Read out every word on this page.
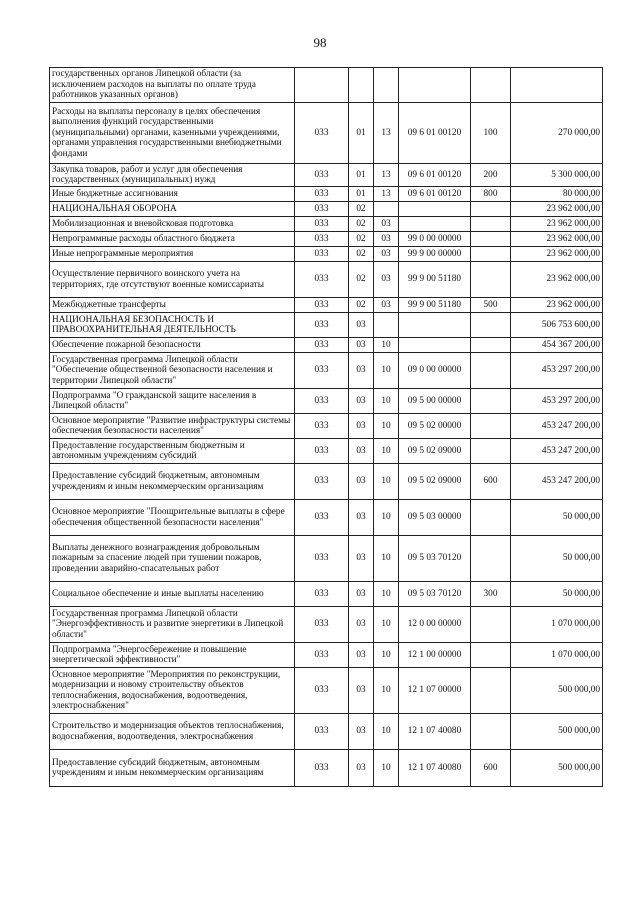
98
государственных органов Липецкой области (за исключением расходов на выплаты по оплате труда работников указанных органов)						
Расходы на выплаты персоналу в целях обеспечения выполнения функций государственными (муниципальными) органами, казенными учреждениями, органами управления государственными внебюджетными фондами	033	01	13	09 6 01 00120	100	270 000,00
Закупка товаров, работ и услуг для обеспечения государственных (муниципальных) нужд	033	01	13	09 6 01 00120	200	5 300 000,00
Иные бюджетные ассигнования	033	01	13	09 6 01 00120	800	80 000,00
НАЦИОНАЛЬНАЯ ОБОРОНА	033	02				23 962 000,00
Мобилизационная и вневойсковая подготовка	033	02	03			23 962 000,00
Непрограммные расходы областного бюджета	033	02	03	99 0 00 00000		23 962 000,00
Иные непрограммные мероприятия	033	02	03	99 9 00 00000		23 962 000,00
Осуществление первичного воинского учета на территориях, где отсутствуют военные комиссариаты	033	02	03	99 9 00 51180		23 962 000,00
Межбюджетные трансферты	033	02	03	99 9 00 51180	500	23 962 000,00
НАЦИОНАЛЬНАЯ БЕЗОПАСНОСТЬ И ПРАВООХРАНИТЕЛЬНАЯ ДЕЯТЕЛЬНОСТЬ	033	03				506 753 600,00
Обеспечение пожарной безопасности	033	03	10			454 367 200,00
Государственная программа Липецкой области "Обеспечение общественной безопасности населения и территории Липецкой области"	033	03	10	09 0 00 00000		453 297 200,00
Подпрограмма "О гражданской защите населения в Липецкой области"	033	03	10	09 5 00 00000		453 297 200,00
Основное мероприятие "Развитие инфраструктуры системы обеспечения безопасности населения"	033	03	10	09 5 02 00000		453 247 200,00
Предоставление государственным бюджетным и автономным учреждениям субсидий	033	03	10	09 5 02 09000		453 247 200,00
Предоставление субсидий бюджетным, автономным учреждениям и иным некоммерческим организациям	033	03	10	09 5 02 09000	600	453 247 200,00
Основное мероприятие "Поощрительные выплаты в сфере обеспечения общественной безопасности населения"	033	03	10	09 5 03 00000		50 000,00
Выплаты денежного вознаграждения добровольным пожарным за спасение людей при тушении пожаров, проведении аварийно-спасательных работ	033	03	10	09 5 03 70120		50 000,00
Социальное обеспечение и иные выплаты населению	033	03	10	09 5 03 70120	300	50 000,00
Государственная программа Липецкой области "Энергоэффективность и развитие энергетики в Липецкой области"	033	03	10	12 0 00 00000		1 070 000,00
Подпрограмма "Энергосбережение и повышение энергетической эффективности"	033	03	10	12 1 00 00000		1 070 000,00
Основное мероприятие "Мероприятия по реконструкции, модернизации и новому строительству объектов теплоснабжения, водоснабжения, водоотведения, электроснабжения"	033	03	10	12 1 07 00000		500 000,00
Строительство и модернизация объектов теплоснабжения, водоснабжения, водоотведения, электроснабжения	033	03	10	12 1 07 40080		500 000,00
Предоставление субсидий бюджетным, автономным учреждениям и иным некоммерческим организациям	033	03	10	12 1 07 40080	600	500 000,00
